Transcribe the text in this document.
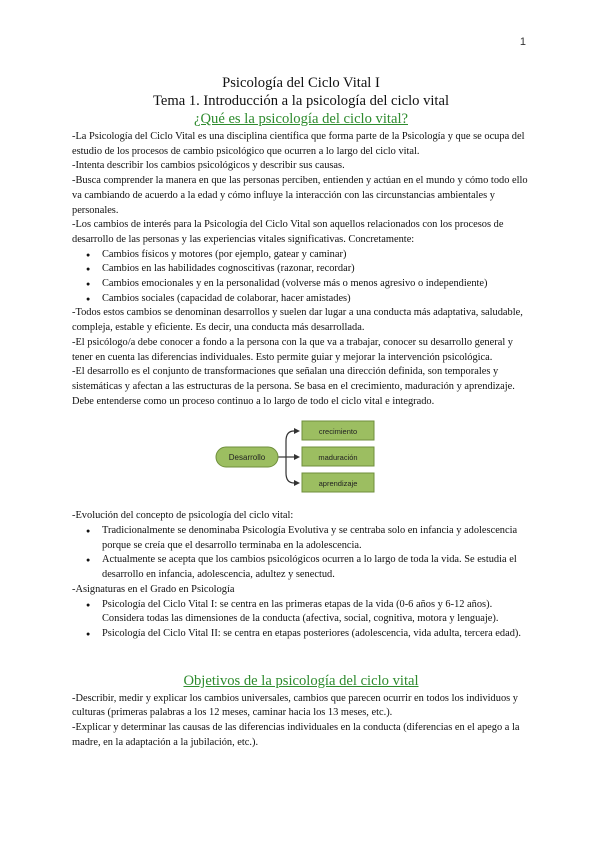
1
Psicología del Ciclo Vital I
Tema 1. Introducción a la psicología del ciclo vital
¿Qué es la psicología del ciclo vital?

-La Psicología del Ciclo Vital es una disciplina científica que forma parte de la Psicología y que se ocupa del estudio de los procesos de cambio psicológico que ocurren a lo largo del ciclo vital.

-Intenta describir los cambios psicológicos y describir sus causas.

-Busca comprender la manera en que las personas perciben, entienden y actúan en el mundo y cómo todo ello va cambiando de acuerdo a la edad y cómo influye la interacción con las circunstancias ambientales y personales.

-Los cambios de interés para la Psicología del Ciclo Vital son aquellos relacionados con los procesos de desarrollo de las personas y las experiencias vitales significativas. Concretamente:

● Cambios físicos y motores (por ejemplo, gatear y caminar)
● Cambios en las habilidades cognoscitivas (razonar, recordar)
● Cambios emocionales y en la personalidad (volverse más o menos agresivo o independiente)
● Cambios sociales (capacidad de colaborar, hacer amistades)

-Todos estos cambios se denominan desarrollos y suelen dar lugar a una conducta más adaptativa, saludable, compleja, estable y eficiente. Es decir, una conducta más desarrollada.

-El psicólogo/a debe conocer a fondo a la persona con la que va a trabajar, conocer su desarrollo general y tener en cuenta las diferencias individuales. Esto permite guiar y mejorar la intervención psicológica.

-El desarrollo es el conjunto de transformaciones que señalan una dirección definida, son temporales y sistemáticas y afectan a las estructuras de la persona. Se basa en el crecimiento, maduración y aprendizaje. Debe entenderse como un proceso continuo a lo largo de todo el ciclo vital e integrado.

Desarrollo
crecimiento
maduración
aprendizaje

-Evolución del concepto de psicología del ciclo vital:

● Tradicionalmente se denominaba Psicología Evolutiva y se centraba solo en infancia y adolescencia porque se creía que el desarrollo terminaba en la adolescencia.
● Actualmente se acepta que los cambios psicológicos ocurren a lo largo de toda la vida. Se estudia el desarrollo en infancia, adolescencia, adultez y senectud.

-Asignaturas en el Grado en Psicología

● Psicología del Ciclo Vital I: se centra en las primeras etapas de la vida (0-6 años y 6-12 años). Considera todas las dimensiones de la conducta (afectiva, social, cognitiva, motora y lenguaje).
● Psicología del Ciclo Vital II: se centra en etapas posteriores (adolescencia, vida adulta, tercera edad).
Objetivos de la psicología del ciclo vital

-Describir, medir y explicar los cambios universales, cambios que parecen ocurrir en todos los individuos y culturas (primeras palabras a los 12 meses, caminar hacia los 13 meses, etc.).

-Explicar y determinar las causas de las diferencias individuales en la conducta (diferencias en el apego a la madre, en la adaptación a la jubilación, etc.).
